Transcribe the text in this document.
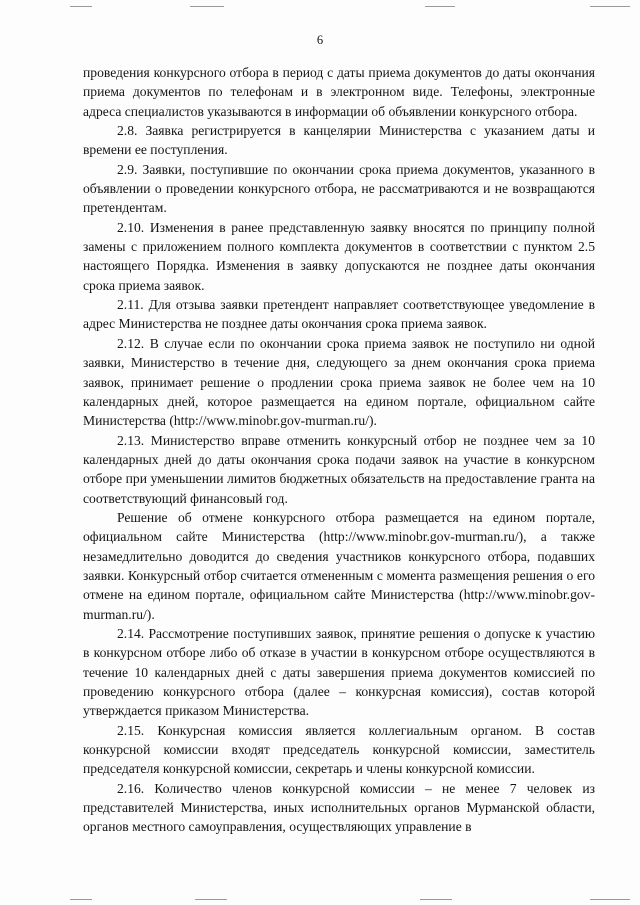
6

проведения конкурсного отбора в период с даты приема документов до даты окончания приема документов по телефонам и в электронном виде. Телефоны, электронные адреса специалистов указываются в информации об объявлении конкурсного отбора.

2.8. Заявка регистрируется в канцелярии Министерства с указанием даты и времени ее поступления.

2.9. Заявки, поступившие по окончании срока приема документов, указанного в объявлении о проведении конкурсного отбора, не рассматриваются и не возвращаются претендентам.

2.10. Изменения в ранее представленную заявку вносятся по принципу полной замены с приложением полного комплекта документов в соответствии с пунктом 2.5 настоящего Порядка. Изменения в заявку допускаются не позднее даты окончания срока приема заявок.

2.11. Для отзыва заявки претендент направляет соответствующее уведомление в адрес Министерства не позднее даты окончания срока приема заявок.

2.12. В случае если по окончании срока приема заявок не поступило ни одной заявки, Министерство в течение дня, следующего за днем окончания срока приема заявок, принимает решение о продлении срока приема заявок не более чем на 10 календарных дней, которое размещается на едином портале, официальном сайте Министерства (http://www.minobr.gov-murman.ru/).

2.13. Министерство вправе отменить конкурсный отбор не позднее чем за 10 календарных дней до даты окончания срока подачи заявок на участие в конкурсном отборе при уменьшении лимитов бюджетных обязательств на предоставление гранта на соответствующий финансовый год.

Решение об отмене конкурсного отбора размещается на едином портале, официальном сайте Министерства (http://www.minobr.gov-murman.ru/), а также незамедлительно доводится до сведения участников конкурсного отбора, подавших заявки. Конкурсный отбор считается отмененным с момента размещения решения о его отмене на едином портале, официальном сайте Министерства (http://www.minobr.gov-murman.ru/).

2.14. Рассмотрение поступивших заявок, принятие решения о допуске к участию в конкурсном отборе либо об отказе в участии в конкурсном отборе осуществляются в течение 10 календарных дней с даты завершения приема документов комиссией по проведению конкурсного отбора (далее – конкурсная комиссия), состав которой утверждается приказом Министерства.

2.15. Конкурсная комиссия является коллегиальным органом. В состав конкурсной комиссии входят председатель конкурсной комиссии, заместитель председателя конкурсной комиссии, секретарь и члены конкурсной комиссии.

2.16. Количество членов конкурсной комиссии – не менее 7 человек из представителей Министерства, иных исполнительных органов Мурманской области, органов местного самоуправления, осуществляющих управление в
